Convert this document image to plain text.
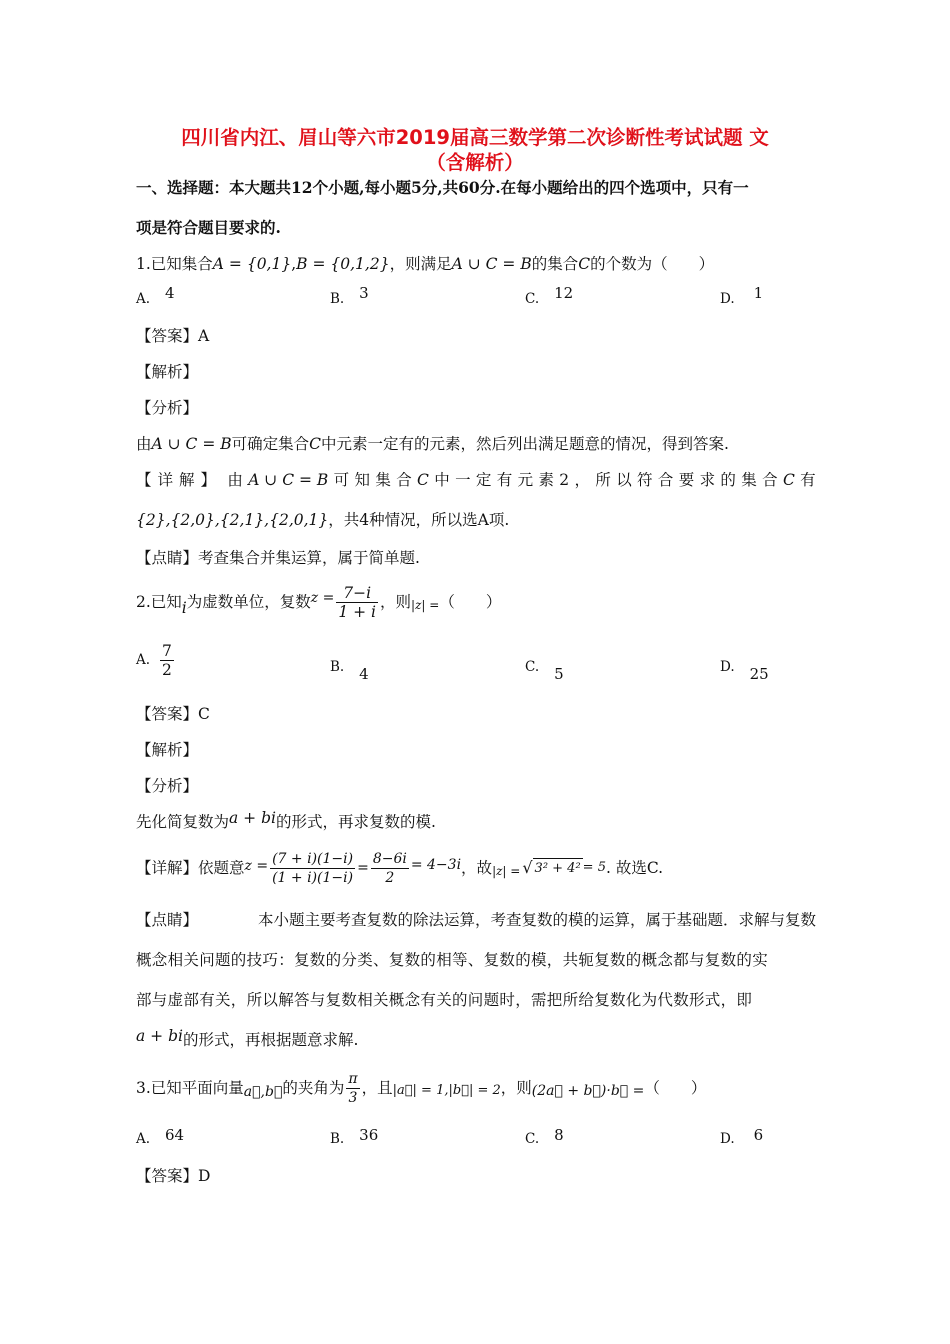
四川省内江、眉山等六市2019届高三数学第二次诊断性考试试题 文
（含解析）
一、选择题：本大题共12个小题,每小题5分,共60分.在每小题给出的四个选项中，只有一
项是符合题目要求的.
1.已知集合A = {0,1},B = {0,1,2}，则满足A ∪ C = B的集合C的个数为（　　）
A. 4	B. 3	C. 12	D. 1
【答案】A
【解析】
【分析】
由A ∪ C = B可确定集合C中元素一定有的元素，然后列出满足题意的情况，得到答案.
【详解】 由 A ∪ C = B 可 知 集 合 C 中 一 定 有 元 素 2 ， 所 以 符 合 要 求 的 集 合 C 有
{2},{2,0},{2,1},{2,0,1}，共4种情况，所以选A项.
【点睛】考查集合并集运算，属于简单题.
2.已知 i 为虚数单位，复数 $z = \frac{7-i}{1 + i}$ ，则 |z| = （　　）
A. $\frac{7}{2}$	B. 4	C. 5	D. 25
【答案】C
【解析】
【分析】
先化简复数为a + bi的形式，再求复数的模.
【详解】 依题意 $z = \frac{(7 + i)(1-i)}{(1 + i)(1-i)} = \frac{8-6i}{2} = 4-3i$ ，故 |z| = √ 3² + 4² = 5 . 故选C.
【点睛】	本小题主要考查复数的除法运算，考查复数的模的运算，属于基础题．求解与复数
概念相关问题的技巧：复数的分类、复数的相等、复数的模，共轭复数的概念都与复数的实
部与虚部有关，所以解答与复数相关概念有关的问题时，需把所给复数化为代数形式，即
a + bi的形式，再根据题意求解.
3.已知平面向量 a⃗,b⃗ 的夹角为 $\frac{\pi}{3}$ ，且 |a⃗| = 1,|b⃗| = 2 ，则 (2a⃗ + b⃗)·b⃗ = （　　）
A. 64	B. 36	C. 8	D. 6
【答案】D
